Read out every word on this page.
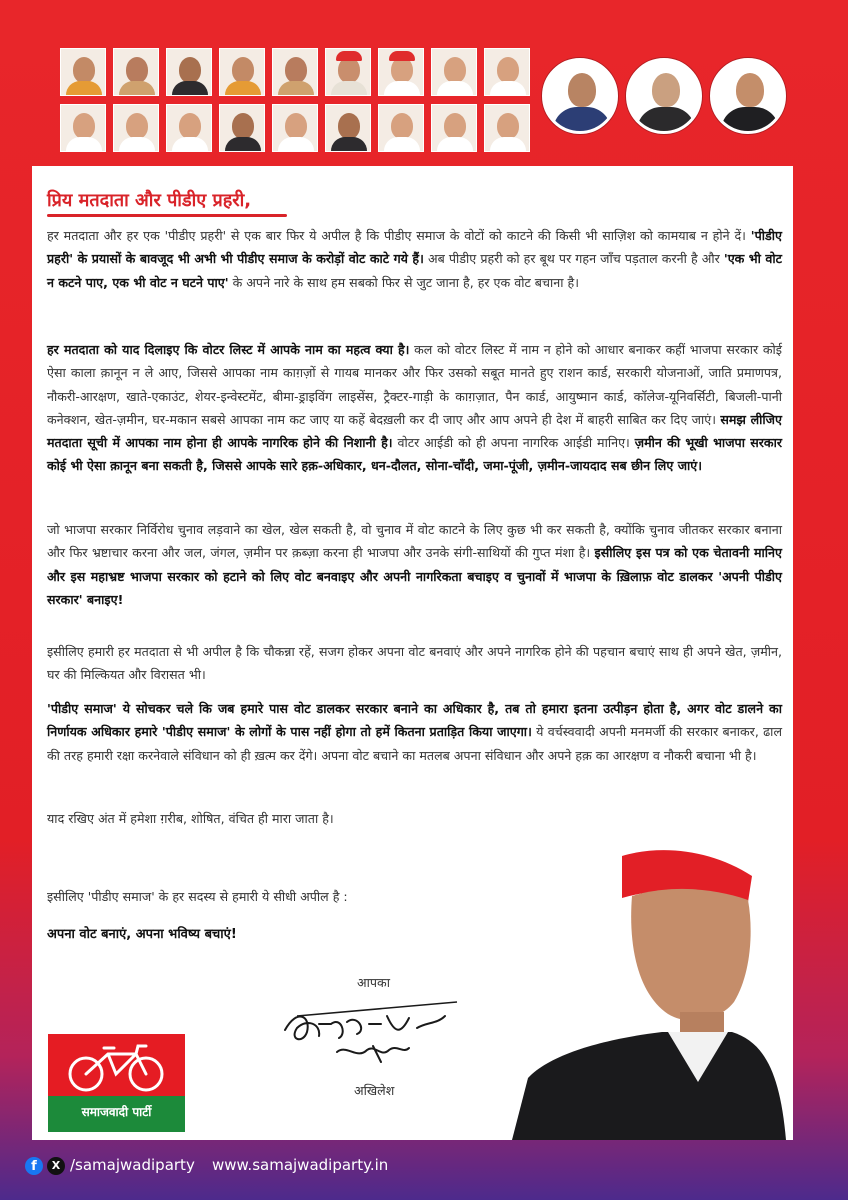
प्रिय मतदाता और पीडीए प्रहरी,

हर मतदाता और हर एक 'पीडीए प्रहरी' से एक बार फिर ये अपील है कि पीडीए समाज के वोटों को काटने की किसी भी साज़िश को कामयाब न होने दें। 'पीडीए प्रहरी' के प्रयासों के बावजूद भी अभी भी पीडीए समाज के करोड़ों वोट काटे गये हैं। अब पीडीए प्रहरी को हर बूथ पर गहन जाँच पड़ताल करनी है और 'एक भी वोट न कटने पाए, एक भी वोट न घटने पाए' के अपने नारे के साथ हम सबको फिर से जुट जाना है, हर एक वोट बचाना है।

हर मतदाता को याद दिलाइए कि वोटर लिस्ट में आपके नाम का महत्व क्या है। कल को वोटर लिस्ट में नाम न होने को आधार बनाकर कहीं भाजपा सरकार कोई ऐसा काला क़ानून न ले आए, जिससे आपका नाम काग़ज़ों से गायब मानकर और फिर उसको सबूत मानते हुए राशन कार्ड, सरकारी योजनाओं, जाति प्रमाणपत्र, नौकरी-आरक्षण, खाते-एकाउंट, शेयर-इन्वेस्टमेंट, बीमा-ड्राइविंग लाइसेंस, ट्रैक्टर-गाड़ी के काग़ज़ात, पैन कार्ड, आयुष्मान कार्ड, कॉलेज-यूनिवर्सिटी, बिजली-पानी कनेक्शन, खेत-ज़मीन, घर-मकान सबसे आपका नाम कट जाए या कहें बेदख़ली कर दी जाए और आप अपने ही देश में बाहरी साबित कर दिए जाएं। समझ लीजिए मतदाता सूची में आपका नाम होना ही आपके नागरिक होने की निशानी है। वोटर आईडी को ही अपना नागरिक आईडी मानिए। ज़मीन की भूखी भाजपा सरकार कोई भी ऐसा क़ानून बना सकती है, जिससे आपके सारे हक़-अधिकार, धन-दौलत, सोना-चाँदी, जमा-पूंजी, ज़मीन-जायदाद सब छीन लिए जाएं।

जो भाजपा सरकार निर्विरोध चुनाव लड़वाने का खेल, खेल सकती है, वो चुनाव में वोट काटने के लिए कुछ भी कर सकती है, क्योंकि चुनाव जीतकर सरकार बनाना और फिर भ्रष्टाचार करना और जल, जंगल, ज़मीन पर क़ब्ज़ा करना ही भाजपा और उनके संगी-साथियों की गुप्त मंशा है। इसीलिए इस पत्र को एक चेतावनी मानिए और इस महाभ्रष्ट भाजपा सरकार को हटाने को लिए वोट बनवाइए और अपनी नागरिकता बचाइए व चुनावों में भाजपा के ख़िलाफ़ वोट डालकर 'अपनी पीडीए सरकार' बनाइए!

इसीलिए हमारी हर मतदाता से भी अपील है कि चौकन्ना रहें, सजग होकर अपना वोट बनवाएं और अपने नागरिक होने की पहचान बचाएं साथ ही अपने खेत, ज़मीन, घर की मिल्कियत और विरासत भी।

'पीडीए समाज' ये सोचकर चले कि जब हमारे पास वोट डालकर सरकार बनाने का अधिकार है, तब तो हमारा इतना उत्पीड़न होता है, अगर वोट डालने का निर्णायक अधिकार हमारे 'पीडीए समाज' के लोगों के पास नहीं होगा तो हमें कितना प्रताड़ित किया जाएगा। ये वर्चस्ववादी अपनी मनमर्जी की सरकार बनाकर, ढाल की तरह हमारी रक्षा करनेवाले संविधान को ही ख़त्म कर देंगे। अपना वोट बचाने का मतलब अपना संविधान और अपने हक़ का आरक्षण व नौकरी बचाना भी है।

याद रखिए अंत में हमेशा ग़रीब, शोषित, वंचित ही मारा जाता है।

इसीलिए 'पीडीए समाज' के हर सदस्य से हमारी ये सीधी अपील है :

अपना वोट बनाएं, अपना भविष्य बचाएं!

आपका
अखिलेश
समाजवादी पार्टी
f	X /samajwadiparty www.samajwadiparty.in
